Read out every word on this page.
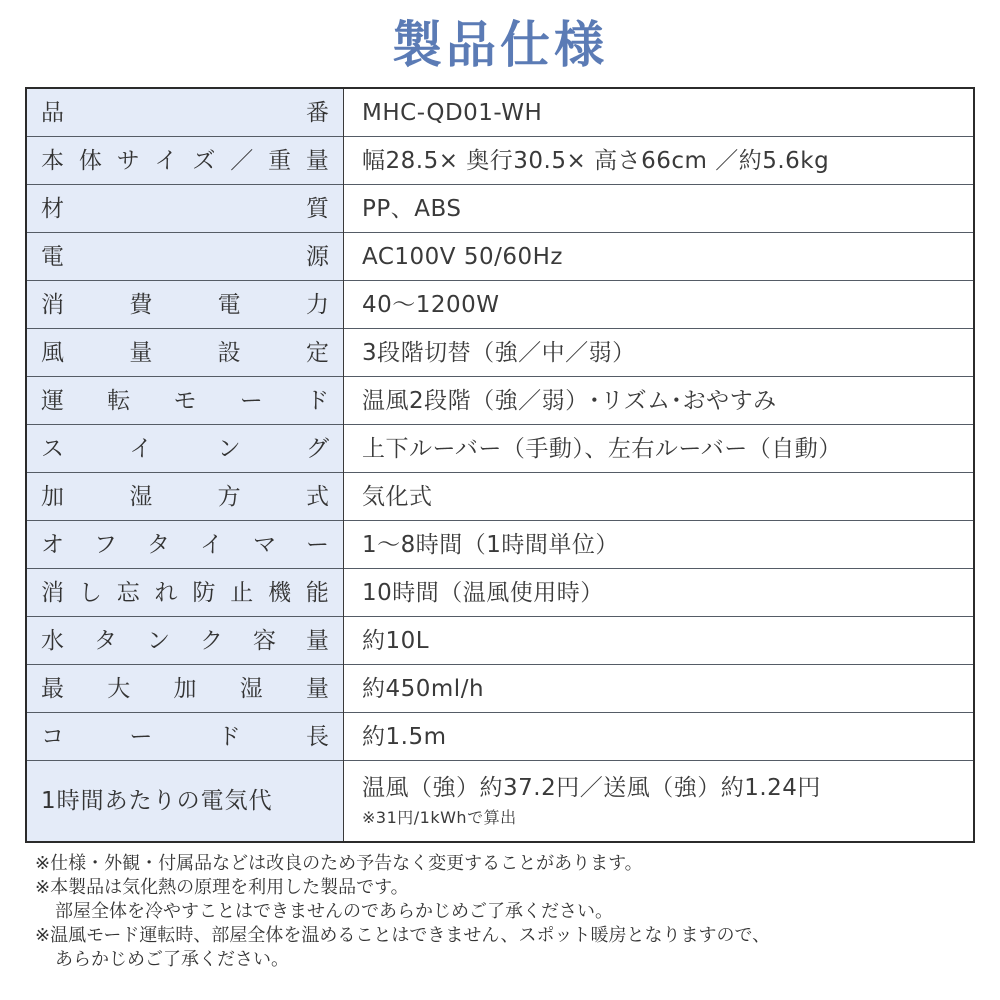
製品仕様
品 番	MHC-QD01-WH

本 体 サ イ ズ ／ 重 量	幅28.5× 奥行30.5× 高さ66cm ／約5.6kg

材 質	PP、ABS

電 源	AC100V 50/60Hz

消 費 電 力	40～1200W

風 量 設 定	3段階切替（強／中／弱）

運 転 モ ー ド	温風2段階（強／弱）･リズム･おやすみ

ス イ ン グ	上下ルーバー（手動）、左右ルーバー（自動）

加 湿 方 式	気化式

オ フ タ イ マ ー	1～8時間（1時間単位）

消 し 忘 れ 防 止 機 能	10時間（温風使用時）

水 タ ン ク 容 量	約10L

最 大 加 湿 量	約450ml/h

コ ー ド 長	約1.5m

1時間あたりの電気代	温風（強）約37.2円／送風（強）約1.24円
※31円/1kWhで算出
※仕様・外観・付属品などは改良のため予告なく変更することがあります。
※本製品は気化熱の原理を利用した製品です。
部屋全体を冷やすことはできませんのであらかじめご了承ください。
※温風モード運転時、部屋全体を温めることはできません、スポット暖房となりますので、
あらかじめご了承ください。
